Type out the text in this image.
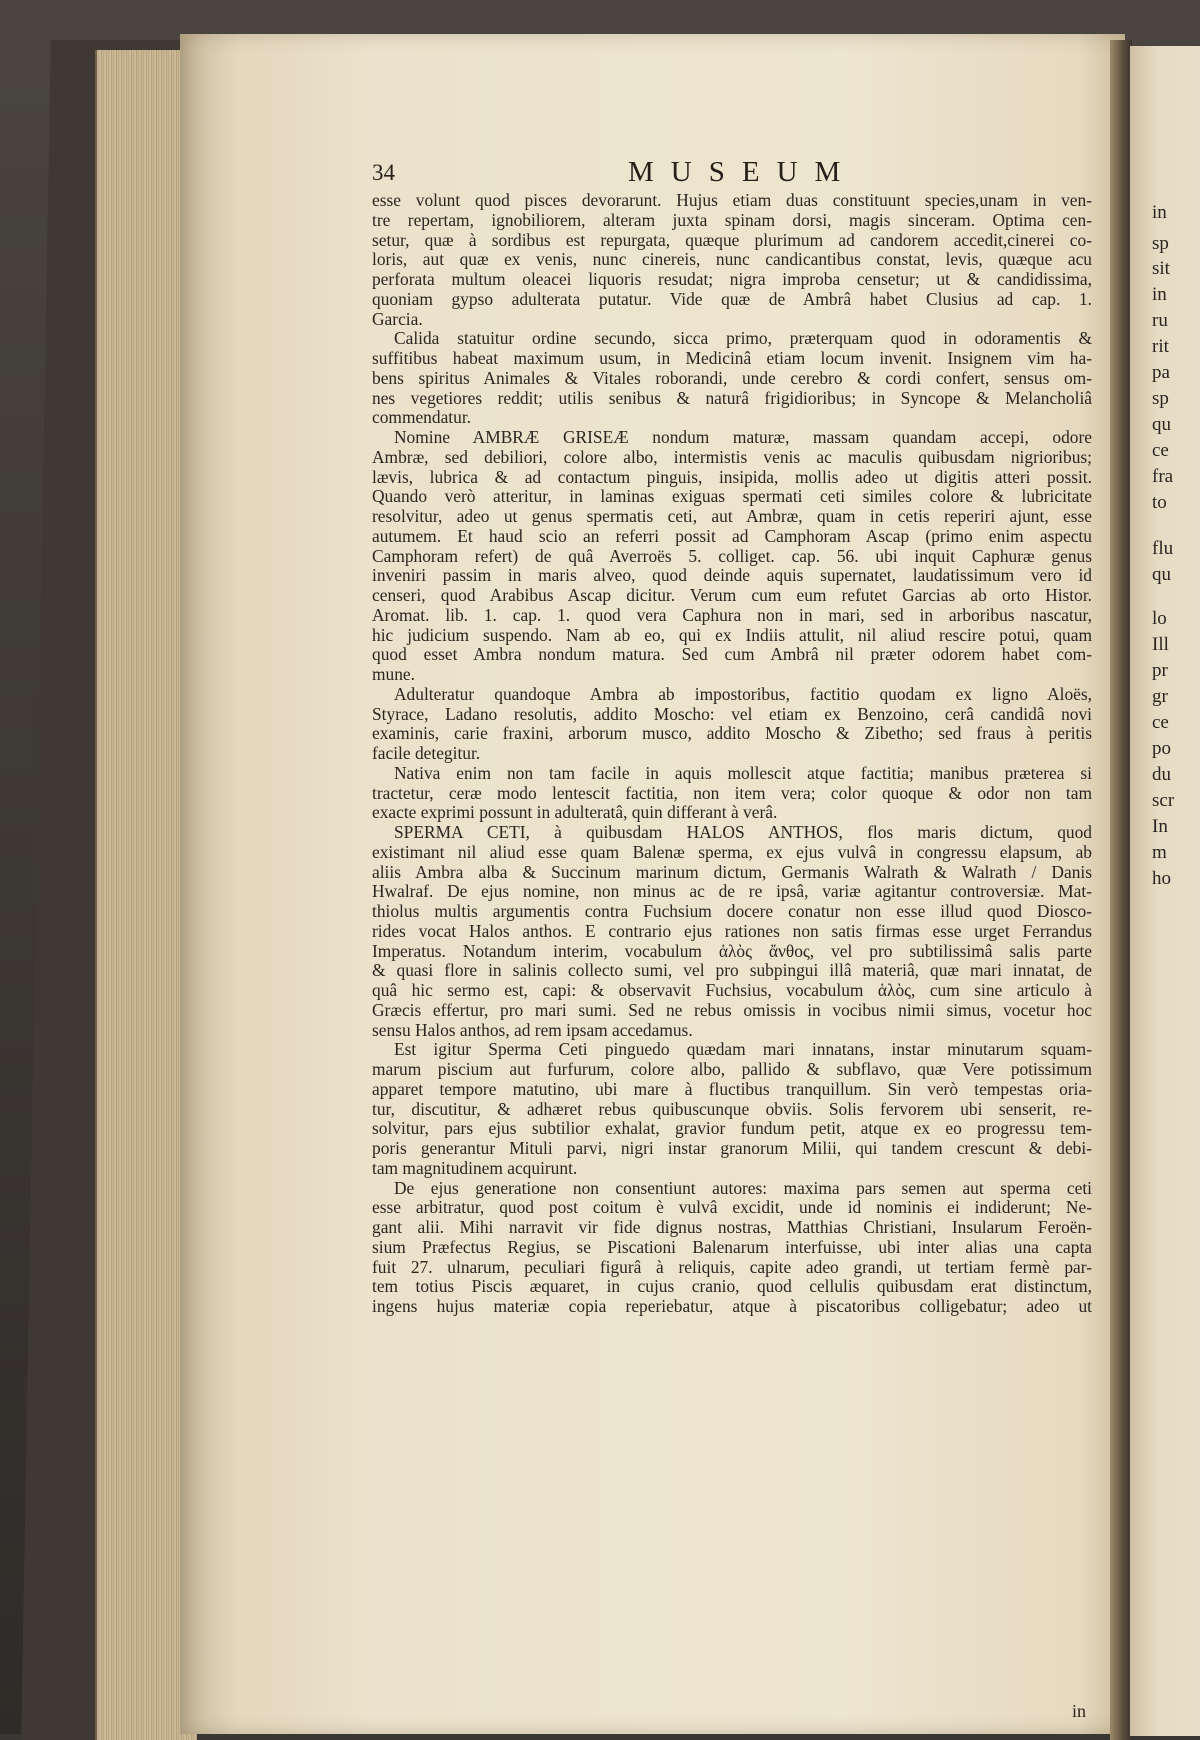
in
sp
sit
in
ru
rit
pa
sp
qu
ce
fra
to
flu
qu
lo
Ill
pr
gr
ce
po
du
scr
In
m
ho
34	MUSEUM
esse volunt quod pisces devorarunt. Hujus etiam duas constituunt species,unam in ven-
tre repertam, ignobiliorem, alteram juxta spinam dorsi, magis sinceram. Optima cen-
setur, quæ à sordibus est repurgata, quæque plurimum ad candorem accedit,cinerei co-
loris, aut quæ ex venis, nunc cinereis, nunc candicantibus constat, levis, quæque acu
perforata multum oleacei liquoris resudat; nigra improba censetur; ut & candidissima,
quoniam gypso adulterata putatur. Vide quæ de Ambrâ habet Clusius ad cap. 1.
Garcia.
Calida statuitur ordine secundo, sicca primo, præterquam quod in odoramentis &
suffitibus habeat maximum usum, in Medicinâ etiam locum invenit. Insignem vim ha-
bens spiritus Animales & Vitales roborandi, unde cerebro & cordi confert, sensus om-
nes vegetiores reddit; utilis senibus & naturâ frigidioribus; in Syncope & Melancholiâ
commendatur.
Nomine AMBRÆ GRISEÆ nondum maturæ, massam quandam accepi, odore
Ambræ, sed debiliori, colore albo, intermistis venis ac maculis quibusdam nigrioribus;
lævis, lubrica & ad contactum pinguis, insipida, mollis adeo ut digitis atteri possit.
Quando verò atteritur, in laminas exiguas spermati ceti similes colore & lubricitate
resolvitur, adeo ut genus spermatis ceti, aut Ambræ, quam in cetis reperiri ajunt, esse
autumem. Et haud scio an referri possit ad Camphoram Ascap (primo enim aspectu
Camphoram refert) de quâ Averroës 5. colliget. cap. 56. ubi inquit Caphuræ genus
inveniri passim in maris alveo, quod deinde aquis supernatet, laudatissimum vero id
censeri, quod Arabibus Ascap dicitur. Verum cum eum refutet Garcias ab orto Histor.
Aromat. lib. 1. cap. 1. quod vera Caphura non in mari, sed in arboribus nascatur,
hic judicium suspendo. Nam ab eo, qui ex Indiis attulit, nil aliud rescire potui, quam
quod esset Ambra nondum matura. Sed cum Ambrâ nil præter odorem habet com-
mune.
Adulteratur quandoque Ambra ab impostoribus, factitio quodam ex ligno Aloës,
Styrace, Ladano resolutis, addito Moscho: vel etiam ex Benzoino, cerâ candidâ novi
examinis, carie fraxini, arborum musco, addito Moscho & Zibetho; sed fraus à peritis
facile detegitur.
Nativa enim non tam facile in aquis mollescit atque factitia; manibus præterea si
tractetur, ceræ modo lentescit factitia, non item vera; color quoque & odor non tam
exacte exprimi possunt in adulteratâ, quin differant à verâ.
SPERMA CETI, à quibusdam HALOS ANTHOS, flos maris dictum, quod
existimant nil aliud esse quam Balenæ sperma, ex ejus vulvâ in congressu elapsum, ab
aliis Ambra alba & Succinum marinum dictum, Germanis Walrath & Walrath / Danis
Hwalraf. De ejus nomine, non minus ac de re ipsâ, variæ agitantur controversiæ. Mat-
thiolus multis argumentis contra Fuchsium docere conatur non esse illud quod Diosco-
rides vocat Halos anthos. E contrario ejus rationes non satis firmas esse urget Ferrandus
Imperatus. Notandum interim, vocabulum ἁλὸς ἄνθος, vel pro subtilissimâ salis parte
& quasi flore in salinis collecto sumi, vel pro subpingui illâ materiâ, quæ mari innatat, de
quâ hic sermo est, capi: & observavit Fuchsius, vocabulum ἁλὸς, cum sine articulo à
Græcis effertur, pro mari sumi. Sed ne rebus omissis in vocibus nimii simus, vocetur hoc
sensu Halos anthos, ad rem ipsam accedamus.
Est igitur Sperma Ceti pinguedo quædam mari innatans, instar minutarum squam-
marum piscium aut furfurum, colore albo, pallido & subflavo, quæ Vere potissimum
apparet tempore matutino, ubi mare à fluctibus tranquillum. Sin verò tempestas oria-
tur, discutitur, & adhæret rebus quibuscunque obviis. Solis fervorem ubi senserit, re-
solvitur, pars ejus subtilior exhalat, gravior fundum petit, atque ex eo progressu tem-
poris generantur Mituli parvi, nigri instar granorum Milii, qui tandem crescunt & debi-
tam magnitudinem acquirunt.
De ejus generatione non consentiunt autores: maxima pars semen aut sperma ceti
esse arbitratur, quod post coitum è vulvâ excidit, unde id nominis ei indiderunt; Ne-
gant alii. Mihi narravit vir fide dignus nostras, Matthias Christiani, Insularum Feroën-
sium Præfectus Regius, se Piscationi Balenarum interfuisse, ubi inter alias una capta
fuit 27. ulnarum, peculiari figurâ à reliquis, capite adeo grandi, ut tertiam fermè par-
tem totius Piscis æquaret, in cujus cranio, quod cellulis quibusdam erat distinctum,
ingens hujus materiæ copia reperiebatur, atque à piscatoribus colligebatur; adeo ut
in
